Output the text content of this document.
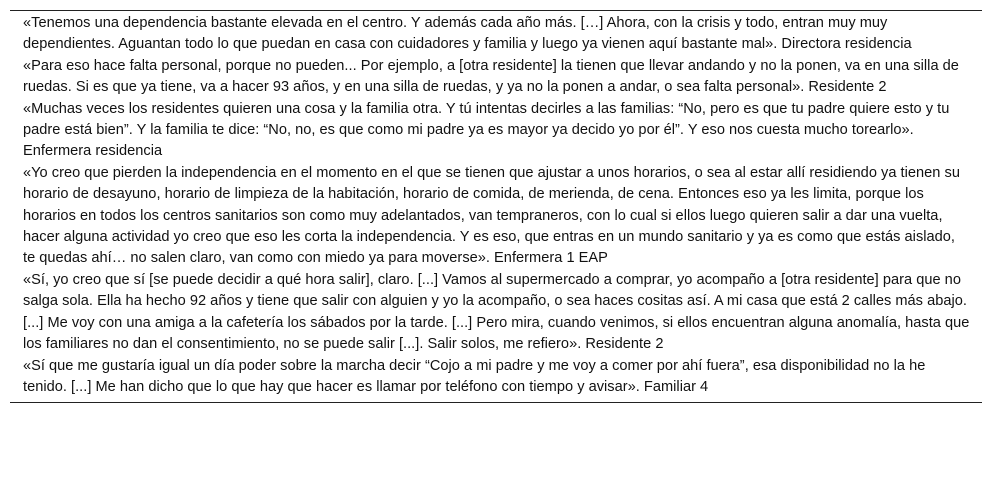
«Tenemos una dependencia bastante elevada en el centro. Y además cada año más. […] Ahora, con la crisis y todo, entran muy muy dependientes. Aguantan todo lo que puedan en casa con cuidadores y familia y luego ya vienen aquí bastante mal». Directora residencia
«Para eso hace falta personal, porque no pueden... Por ejemplo, a [otra residente] la tienen que llevar andando y no la ponen, va en una silla de ruedas. Si es que ya tiene, va a hacer 93 años, y en una silla de ruedas, y ya no la ponen a andar, o sea falta personal». Residente 2
«Muchas veces los residentes quieren una cosa y la familia otra. Y tú intentas decirles a las familias: “No, pero es que tu padre quiere esto y tu padre está bien”. Y la familia te dice: “No, no, es que como mi padre ya es mayor ya decido yo por él”. Y eso nos cuesta mucho torearlo». Enfermera residencia
«Yo creo que pierden la independencia en el momento en el que se tienen que ajustar a unos horarios, o sea al estar allí residiendo ya tienen su horario de desayuno, horario de limpieza de la habitación, horario de comida, de merienda, de cena. Entonces eso ya les limita, porque los horarios en todos los centros sanitarios son como muy adelantados, van tempraneros, con lo cual si ellos luego quieren salir a dar una vuelta, hacer alguna actividad yo creo que eso les corta la independencia. Y es eso, que entras en un mundo sanitario y ya es como que estás aislado, te quedas ahí… no salen claro, van como con miedo ya para moverse». Enfermera 1 EAP
«Sí, yo creo que sí [se puede decidir a qué hora salir], claro. [...] Vamos al supermercado a comprar, yo acompaño a [otra residente] para que no salga sola. Ella ha hecho 92 años y tiene que salir con alguien y yo la acompaño, o sea haces cositas así. A mi casa que está 2 calles más abajo. [...] Me voy con una amiga a la cafetería los sábados por la tarde. [...] Pero mira, cuando venimos, si ellos encuentran alguna anomalía, hasta que los familiares no dan el consentimiento, no se puede salir [...]. Salir solos, me refiero». Residente 2
«Sí que me gustaría igual un día poder sobre la marcha decir “Cojo a mi padre y me voy a comer por ahí fuera”, esa disponibilidad no la he tenido. [...] Me han dicho que lo que hay que hacer es llamar por teléfono con tiempo y avisar». Familiar 4
